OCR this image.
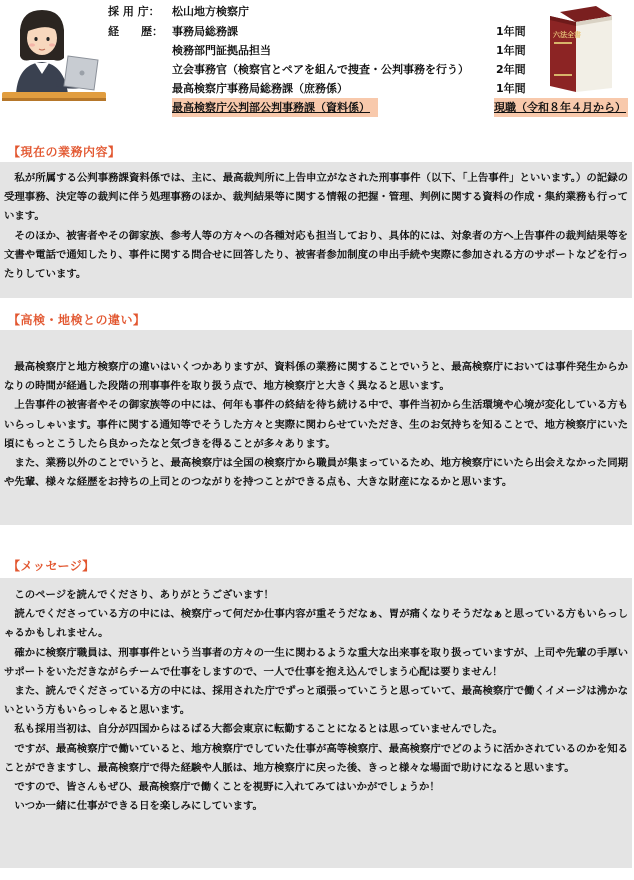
採 用 庁： 松山地方検察庁
経　　歴： 事務局総務課	1年間
検務部門証拠品担当	1年間
立会事務官（検察官とペアを組んで捜査・公判事務を行う） 2年間
最高検察庁事務局総務課（庶務係）	1年間
最高検察庁公判部公判事務課（資料係）	現職（令和８年４月から）
六法全書
【現在の業務内容】

　私が所属する公判事務課資料係では、主に、最高裁判所に上告申立がなされた刑事事件（以下、「上告事件」といいます。）の記録の受理事務、決定等の裁判に伴う処理事務のほか、裁判結果等に関する情報の把握・管理、判例に関する資料の作成・集約業務も行っています。

　そのほか、被害者やその御家族、参考人等の方々への各種対応も担当しており、具体的には、対象者の方へ上告事件の裁判結果等を文書や電話で通知したり、事件に関する問合せに回答したり、被害者参加制度の申出手続や実際に参加される方のサポートなどを行ったりしています。

【高検・地検との違い】

　最高検察庁と地方検察庁の違いはいくつかありますが、資料係の業務に関することでいうと、最高検察庁においては事件発生からかなりの時間が経過した段階の刑事事件を取り扱う点で、地方検察庁と大きく異なると思います。

　上告事件の被害者やその御家族等の中には、何年も事件の終結を待ち続ける中で、事件当初から生活環境や心境が変化している方もいらっしゃいます。事件に関する通知等でそうした方々と実際に関わらせていただき、生のお気持ちを知ることで、地方検察庁にいた頃にもっとこうしたら良かったなと気づきを得ることが多々あります。

　また、業務以外のことでいうと、最高検察庁は全国の検察庁から職員が集まっているため、地方検察庁にいたら出会えなかった同期や先輩、様々な経歴をお持ちの上司とのつながりを持つことができる点も、大きな財産になるかと思います。

【メッセージ】

　このページを読んでくださり、ありがとうございます！

　読んでくださっている方の中には、検察庁って何だか仕事内容が重そうだなぁ、胃が痛くなりそうだなぁと思っている方もいらっしゃるかもしれません。

　確かに検察庁職員は、刑事事件という当事者の方々の一生に関わるような重大な出来事を取り扱っていますが、上司や先輩の手厚いサポートをいただきながらチームで仕事をしますので、一人で仕事を抱え込んでしまう心配は要りません！

　また、読んでくださっている方の中には、採用された庁でずっと頑張っていこうと思っていて、最高検察庁で働くイメージは沸かないという方もいらっしゃると思います。

　私も採用当初は、自分が四国からはるばる大都会東京に転勤することになるとは思っていませんでした。

　ですが、最高検察庁で働いていると、地方検察庁でしていた仕事が高等検察庁、最高検察庁でどのように活かされているのかを知ることができますし、最高検察庁で得た経験や人脈は、地方検察庁に戻った後、きっと様々な場面で助けになると思います。

　ですので、皆さんもぜひ、最高検察庁で働くことを視野に入れてみてはいかがでしょうか！

　いつか一緒に仕事ができる日を楽しみにしています。
